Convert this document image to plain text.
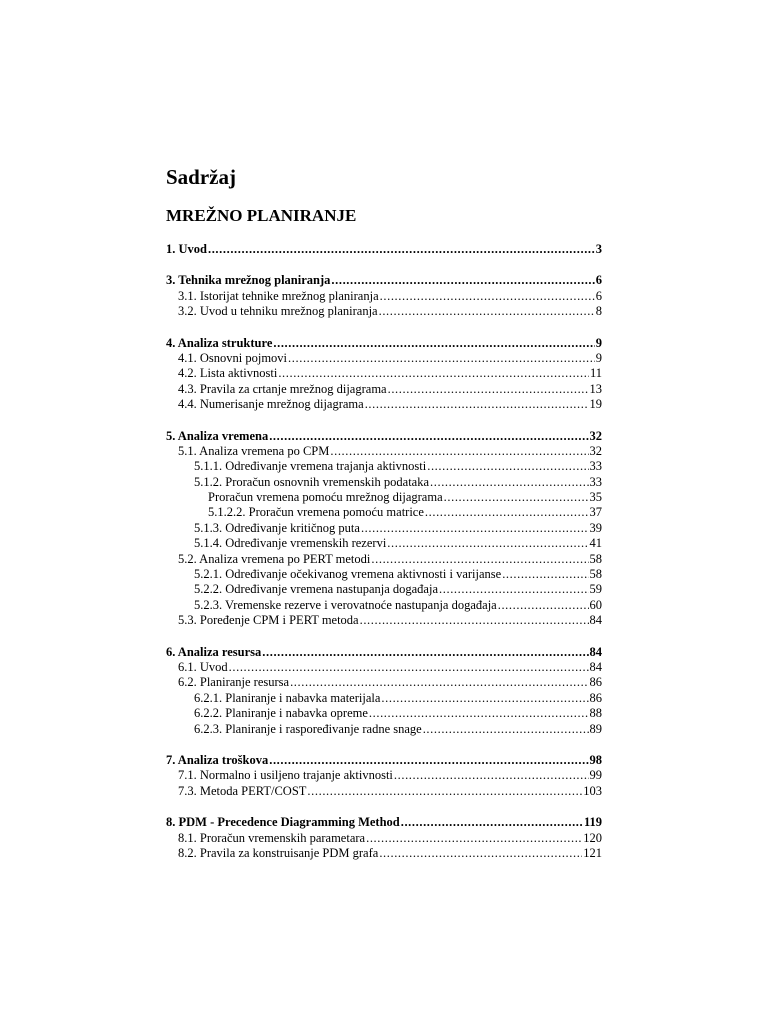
Sadržaj
MREŽNO PLANIRANJE
1. Uvod .....	3
3. Tehnika mrežnog planiranja .....	6
3.1. Istorijat tehnike mrežnog planiranja .....	6
3.2. Uvod u tehniku mrežnog planiranja .....	8
4. Analiza strukture .....	9
4.1. Osnovni pojmovi .....	9
4.2. Lista aktivnosti .....	11
4.3. Pravila za crtanje mrežnog dijagrama .....	13
4.4. Numerisanje mrežnog dijagrama .....	19
5. Analiza vremena .....	32
5.1. Analiza vremena po CPM .....	32
5.1.1. Određivanje vremena trajanja aktivnosti .....	33
5.1.2. Proračun osnovnih vremenskih podataka .....	33
Proračun vremena pomoću mrežnog dijagrama .....	35
5.1.2.2. Proračun vremena pomoću matrice .....	37
5.1.3. Određivanje kritičnog puta .....	39
5.1.4. Određivanje vremenskih rezervi .....	41
5.2. Analiza vremena po PERT metodi .....	58
5.2.1. Određivanje očekivanog vremena aktivnosti i varijanse .....	58
5.2.2. Određivanje vremena nastupanja događaja .....	59
5.2.3. Vremenske rezerve i verovatnoće nastupanja događaja .....	60
5.3. Poređenje CPM i PERT metoda .....	84
6. Analiza resursa .....	84
6.1. Uvod .....	84
6.2. Planiranje resursa .....	86
6.2.1. Planiranje i nabavka materijala .....	86
6.2.2. Planiranje i nabavka opreme .....	88
6.2.3. Planiranje i raspoređivanje radne snage .....	89
7. Analiza troškova .....	98
7.1. Normalno i usiljeno trajanje aktivnosti .....	99
7.3. Metoda PERT/COST .....	103
8. PDM - Precedence Diagramming Method .....	119
8.1. Proračun vremenskih parametara .....	120
8.2. Pravila za konstruisanje PDM grafa .....	121
